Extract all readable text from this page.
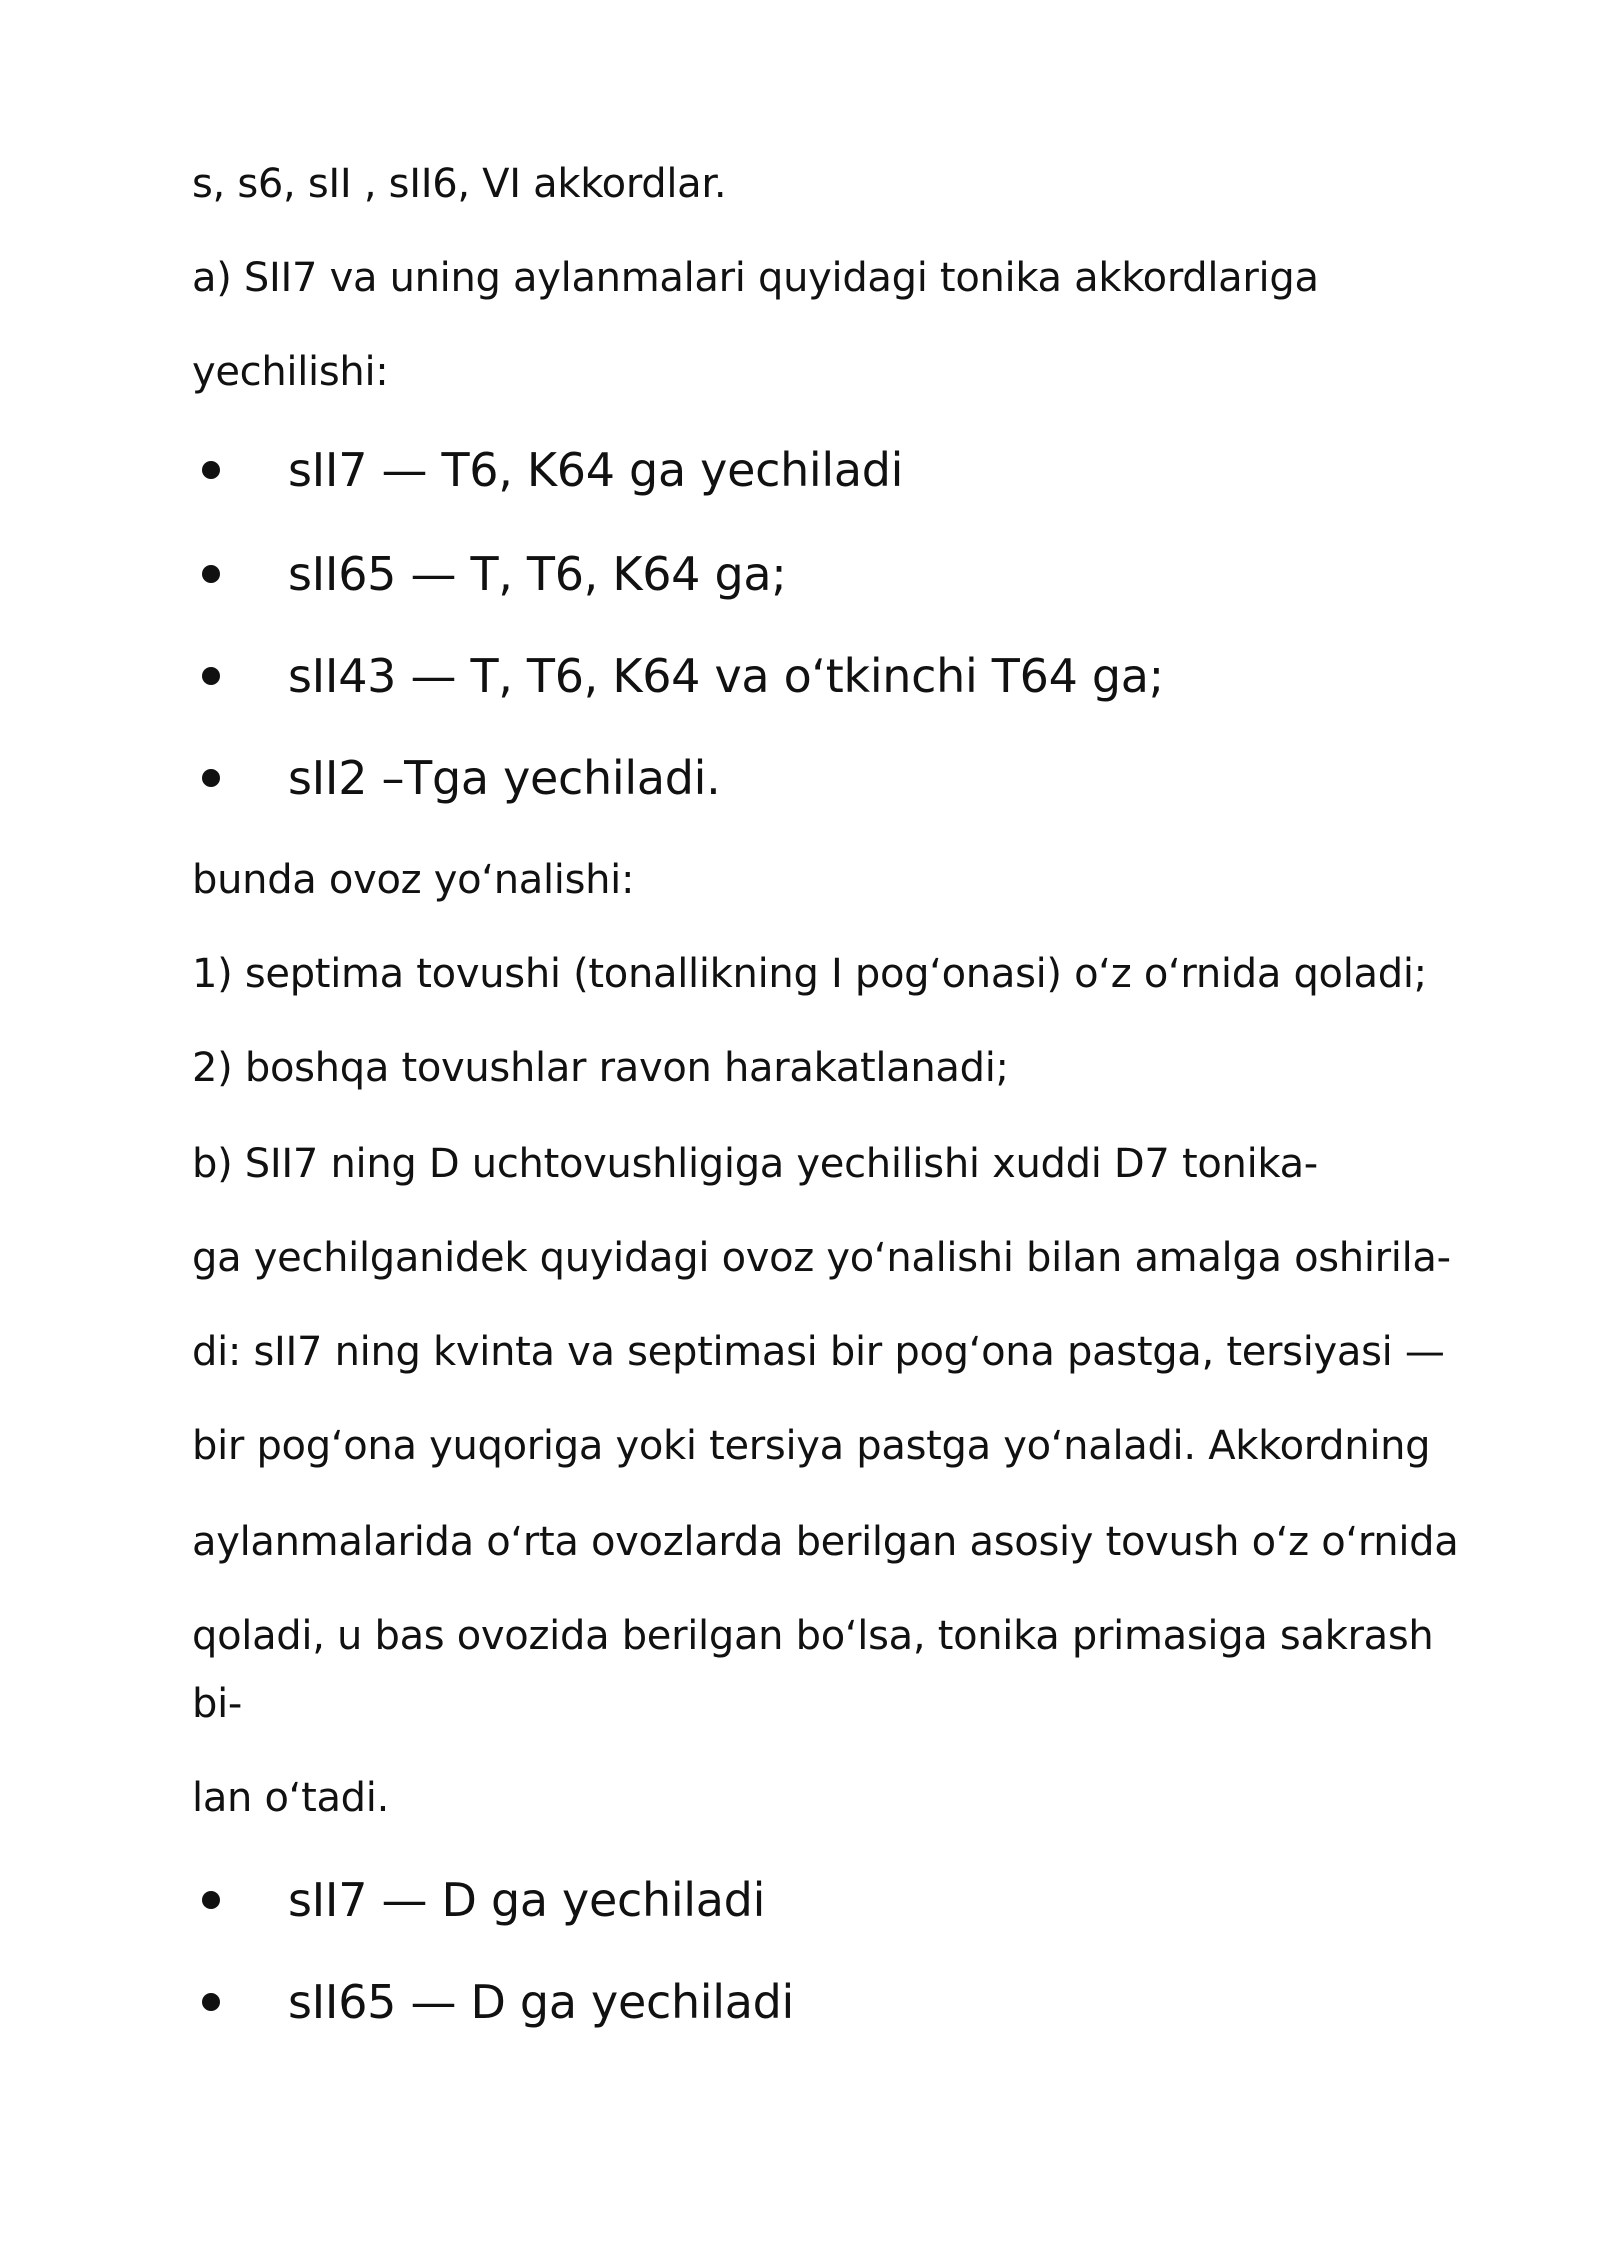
s, s6, sII , sII6, VI akkordlar.

a) SII7 va uning aylanmalari quyidagi tonika akkordlariga

yechilishi:

sII7 — T6, K64 ga yechiladi
sII65 — T, T6, K64 ga;
sII43 — T, T6, K64 va o‘tkinchi T64 ga;
sII2 –Tga yechiladi.

bunda ovoz yo‘nalishi:

1) septima tovushi (tonallikning I pog‘onasi) o‘z o‘rnida qoladi;

2) boshqa tovushlar ravon harakatlanadi;

b) SII7 ning D uchtovushligiga yechilishi xuddi D7 tonika-

ga yechilganidek quyidagi ovoz yo‘nalishi bilan amalga oshirila-

di: sII7 ning kvinta va septimasi bir pog‘ona pastga, tersiyasi —

bir pog‘ona yuqoriga yoki tersiya pastga yo‘naladi. Akkordning

aylanmalarida o‘rta ovozlarda berilgan asosiy tovush o‘z o‘rnida

qoladi, u bas ovozida berilgan bo‘lsa, tonika primasiga sakrash

bi-

lan o‘tadi.

sII7 — D ga yechiladi
sII65 — D ga yechiladi
